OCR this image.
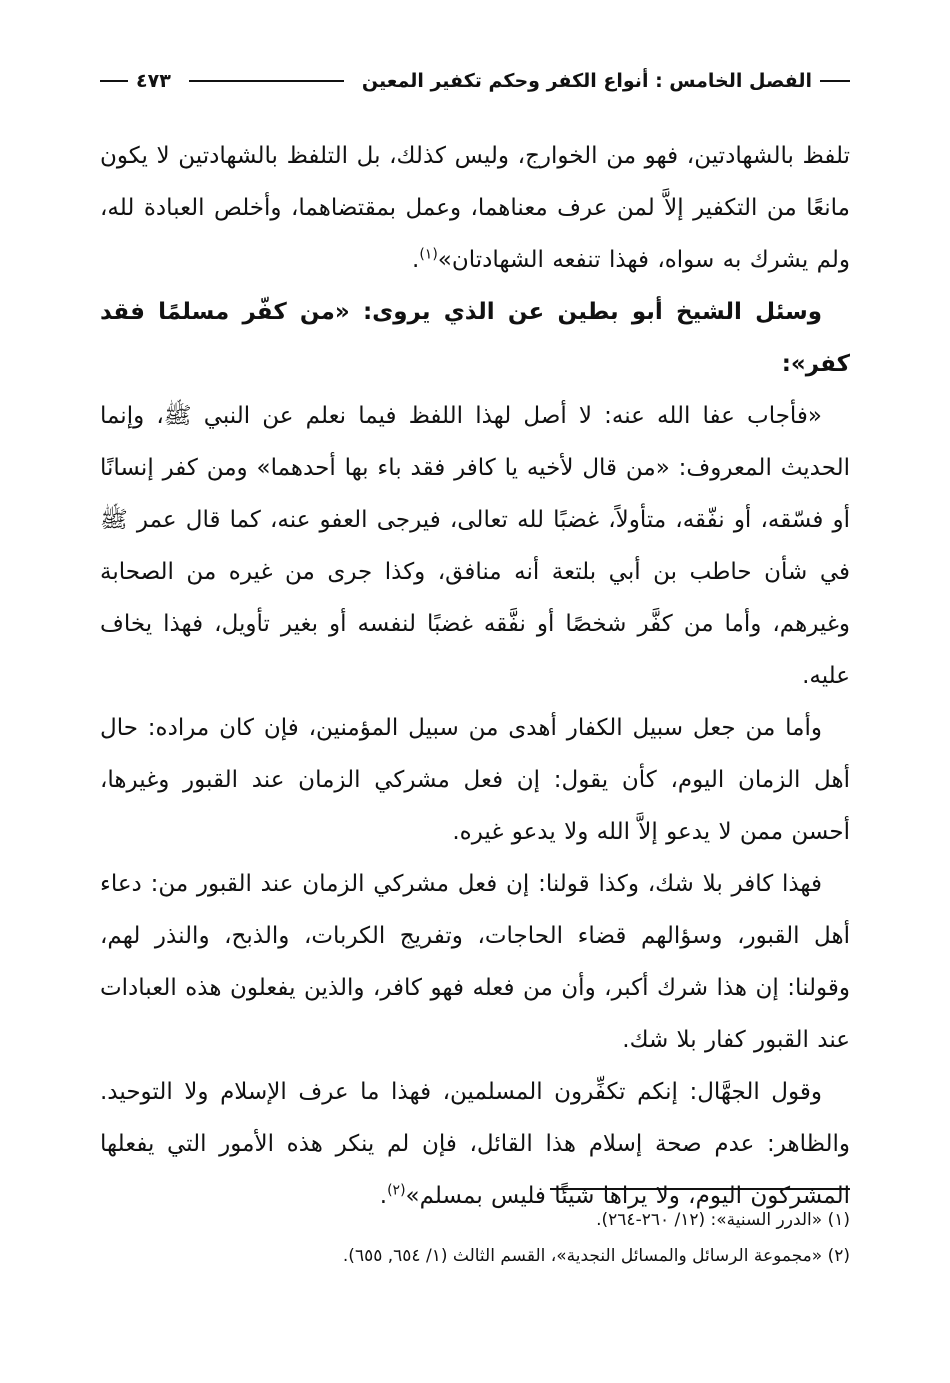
الفصل الخامس : أنواع الكفر وحكم تكفير المعين
٤٧٣

تلفظ بالشهادتين، فهو من الخوارج، وليس كذلك، بل التلفظ بالشهادتين لا يكون مانعًا من التكفير إلاَّ لمن عرف معناهما، وعمل بمقتضاهما، وأخلص العبادة لله، ولم يشرك به سواه، فهذا تنفعه الشهادتان»$^{(١)}$.

وسئل الشيخ أبو بطين عن الذي يروى: «من كفّر مسلمًا فقد كفر»:

«فأجاب عفا الله عنه: لا أصل لهذا اللفظ فيما نعلم عن النبي ﷺ، وإنما الحديث المعروف: «من قال لأخيه يا كافر فقد باء بها أحدهما» ومن كفر إنسانًا أو فسّقه، أو نفّقه، متأولاً، غضبًا لله تعالى، فيرجى العفو عنه، كما قال عمر ﷺ في شأن حاطب بن أبي بلتعة أنه منافق، وكذا جرى من غيره من الصحابة وغيرهم، وأما من كفَّر شخصًا أو نفَّقه غضبًا لنفسه أو بغير تأويل، فهذا يخاف عليه.

وأما من جعل سبيل الكفار أهدى من سبيل المؤمنين، فإن كان مراده: حال أهل الزمان اليوم، كأن يقول: إن فعل مشركي الزمان عند القبور وغيرها، أحسن ممن لا يدعو إلاَّ الله ولا يدعو غيره.

فهذا كافر بلا شك، وكذا قولنا: إن فعل مشركي الزمان عند القبور من: دعاء أهل القبور، وسؤالهم قضاء الحاجات، وتفريج الكربات، والذبح، والنذر لهم، وقولنا: إن هذا شرك أكبر، وأن من فعله فهو كافر، والذين يفعلون هذه العبادات عند القبور كفار بلا شك.

وقول الجهَّال: إنكم تكفِّرون المسلمين، فهذا ما عرف الإسلام ولا التوحيد. والظاهر: عدم صحة إسلام هذا القائل، فإن لم ينكر هذه الأمور التي يفعلها المشركون اليوم، ولا يراها شيئًا فليس بمسلم»$^{(٢)}$.

(١) «الدرر السنية»: (١٢/ ٢٦٠-٢٦٤).

(٢) «مجموعة الرسائل والمسائل النجدية»، القسم الثالث (١/ ٦٥٤, ٦٥٥).
